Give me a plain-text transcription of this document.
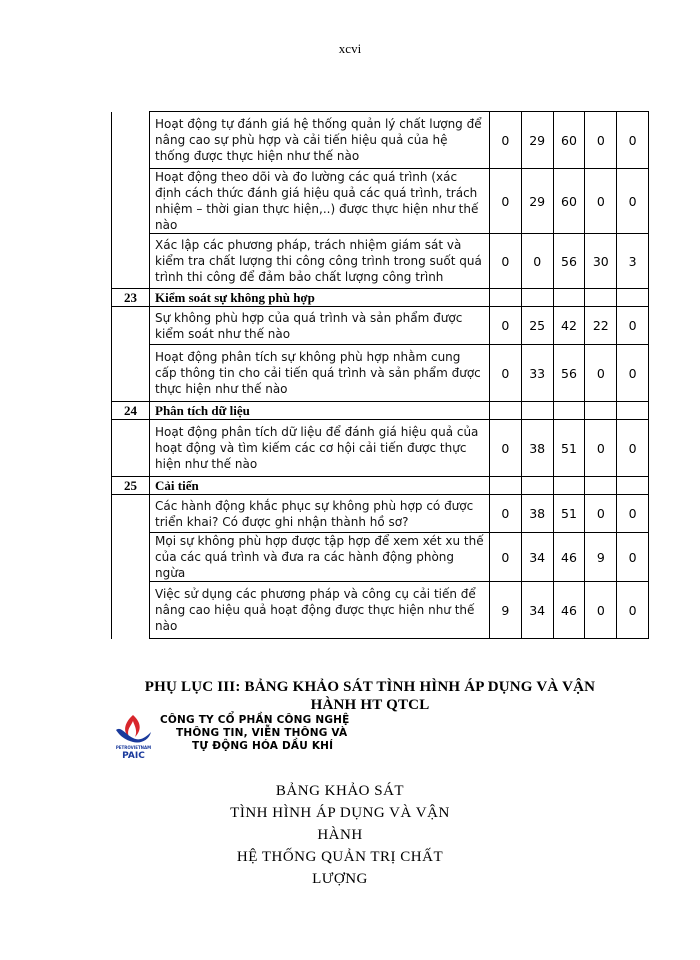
xcvi
	Hoạt động tự đánh giá hệ thống quản lý chất lượng để nâng cao sự phù hợp và cải tiến hiệu quả của hệ thống được thực hiện như thế nào	0	29	60	0	0
	Hoạt động theo dõi và đo lường các quá trình (xác định cách thức đánh giá hiệu quả các quá trình, trách nhiệm – thời gian thực hiện,..) được thực hiện như thế nào	0	29	60	0	0
	Xác lập các phương pháp, trách nhiệm giám sát và kiểm tra chất lượng thi công công trình trong suốt quá trình thi công để đảm bảo chất lượng công trình	0	0	56	30	3
23	Kiểm soát sự không phù hợp					
	Sự không phù hợp của quá trình và sản phẩm được kiểm soát như thế nào	0	25	42	22	0
	Hoạt động phân tích sự không phù hợp nhằm cung cấp thông tin cho cải tiến quá trình và sản phẩm được thực hiện như thế nào	0	33	56	0	0
24	Phân tích dữ liệu					
	Hoạt động phân tích dữ liệu để đánh giá hiệu quả của hoạt động và tìm kiếm các cơ hội cải tiến được thực hiện như thế nào	0	38	51	0	0
25	Cải tiến					
	Các hành động khắc phục sự không phù hợp có được triển khai? Có được ghi nhận thành hồ sơ?	0	38	51	0	0
	Mọi sự không phù hợp được tập hợp để xem xét xu thế của các quá trình và đưa ra các hành động phòng ngừa	0	34	46	9	0
	Việc sử dụng các phương pháp và công cụ cải tiến để nâng cao hiệu quả hoạt động được thực hiện như thế nào	9	34	46	0	0
PHỤ LỤC III: BẢNG KHẢO SÁT TÌNH HÌNH ÁP DỤNG VÀ VẬN
HÀNH HT QTCL
PETROVIETNAM
PAIC
CÔNG TY CỔ PHẦN CÔNG NGHỆ
THÔNG TIN, VIỄN THÔNG VÀ
TỰ ĐỘNG HÓA DẦU KHÍ
BẢNG KHẢO SÁT
TÌNH HÌNH ÁP DỤNG VÀ VẬN HÀNH
HỆ THỐNG QUẢN TRỊ CHẤT LƯỢNG
